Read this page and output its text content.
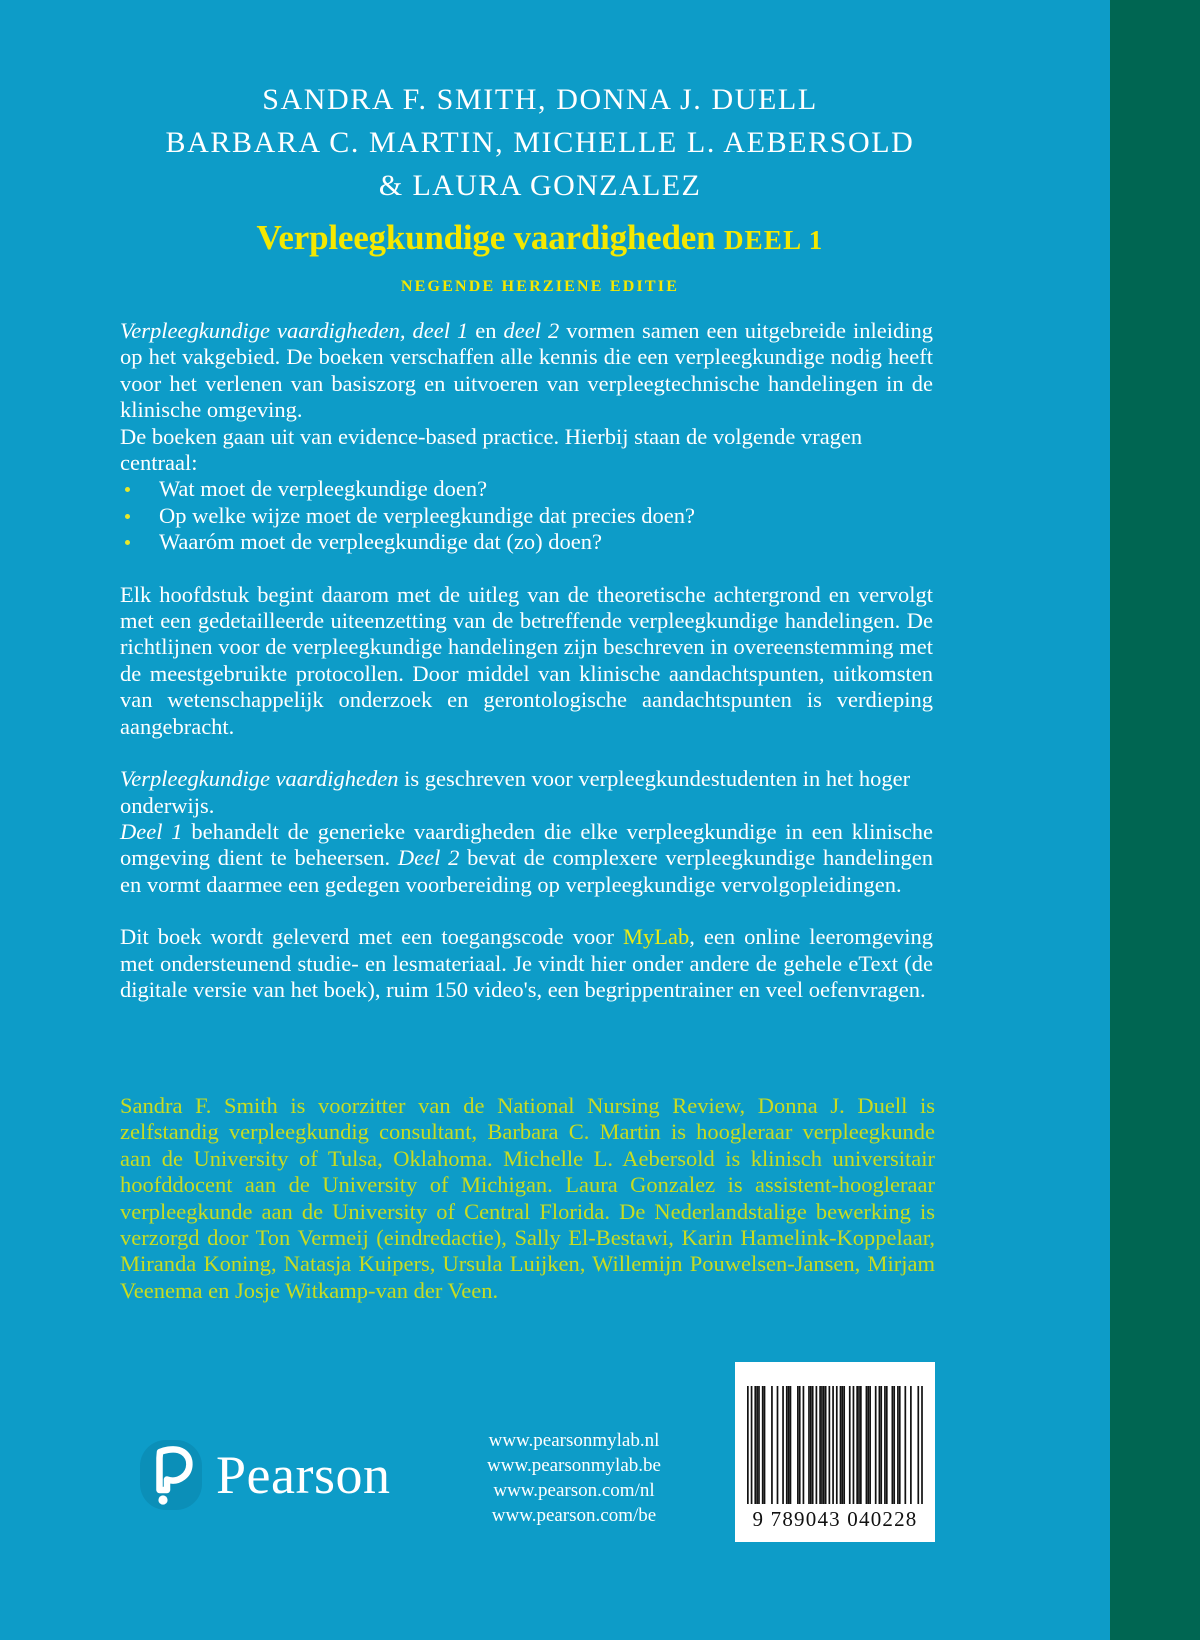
SANDRA F. SMITH, DONNA J. DUELL
BARBARA C. MARTIN, MICHELLE L. AEBERSOLD
& LAURA GONZALEZ
Verpleegkundige vaardigheden DEEL 1
NEGENDE HERZIENE EDITIE

Verpleegkundige vaardigheden, deel 1 en deel 2 vormen samen een uitgebreide inleiding op het vakgebied. De boeken verschaffen alle kennis die een verpleegkundige nodig heeft voor het verlenen van basiszorg en uitvoeren van verpleegtechnische handelingen in de klinische omgeving.

De boeken gaan uit van evidence-based practice. Hierbij staan de volgende vragen centraal:

Wat moet de verpleegkundige doen?
Op welke wijze moet de verpleegkundige dat precies doen?
Waaróm moet de verpleegkundige dat (zo) doen?

Elk hoofdstuk begint daarom met de uitleg van de theoretische achtergrond en vervolgt met een gedetailleerde uiteenzetting van de betreffende verpleegkundige handelingen. De richtlijnen voor de verpleegkundige handelingen zijn beschreven in overeenstemming met de meestgebruikte protocollen. Door middel van klinische aandachtspunten, uitkomsten van wetenschappelijk onderzoek en gerontologische aandachtspunten is verdieping aangebracht.

Verpleegkundige vaardigheden is geschreven voor verpleegkundestudenten in het hoger onderwijs.

Deel 1 behandelt de generieke vaardigheden die elke verpleegkundige in een klinische omgeving dient te beheersen. Deel 2 bevat de complexere verpleegkundige handelingen en vormt daarmee een gedegen voorbereiding op verpleegkundige vervolgopleidingen.

Dit boek wordt geleverd met een toegangscode voor MyLab, een online leeromgeving met ondersteunend studie- en lesmateriaal. Je vindt hier onder andere de gehele eText (de digitale versie van het boek), ruim 150 video's, een begrippentrainer en veel oefenvragen.

Sandra F. Smith is voorzitter van de National Nursing Review, Donna J. Duell is zelfstandig verpleegkundig consultant, Barbara C. Martin is hoogleraar verpleegkunde aan de University of Tulsa, Oklahoma. Michelle L. Aebersold is klinisch universitair hoofddocent aan de University of Michigan. Laura Gonzalez is assistent-hoogleraar verpleegkunde aan de University of Central Florida. De Nederlandstalige bewerking is verzorgd door Ton Vermeij (eindredactie), Sally El-Bestawi, Karin Hamelink-Koppelaar, Miranda Koning, Natasja Kuipers, Ursula Luijken, Willemijn Pouwelsen-Jansen, Mirjam Veenema en Josje Witkamp-van der Veen.

Pearson
www.pearsonmylab.nl
www.pearsonmylab.be
www.pearson.com/nl
www.pearson.com/be	9 789043 040228
